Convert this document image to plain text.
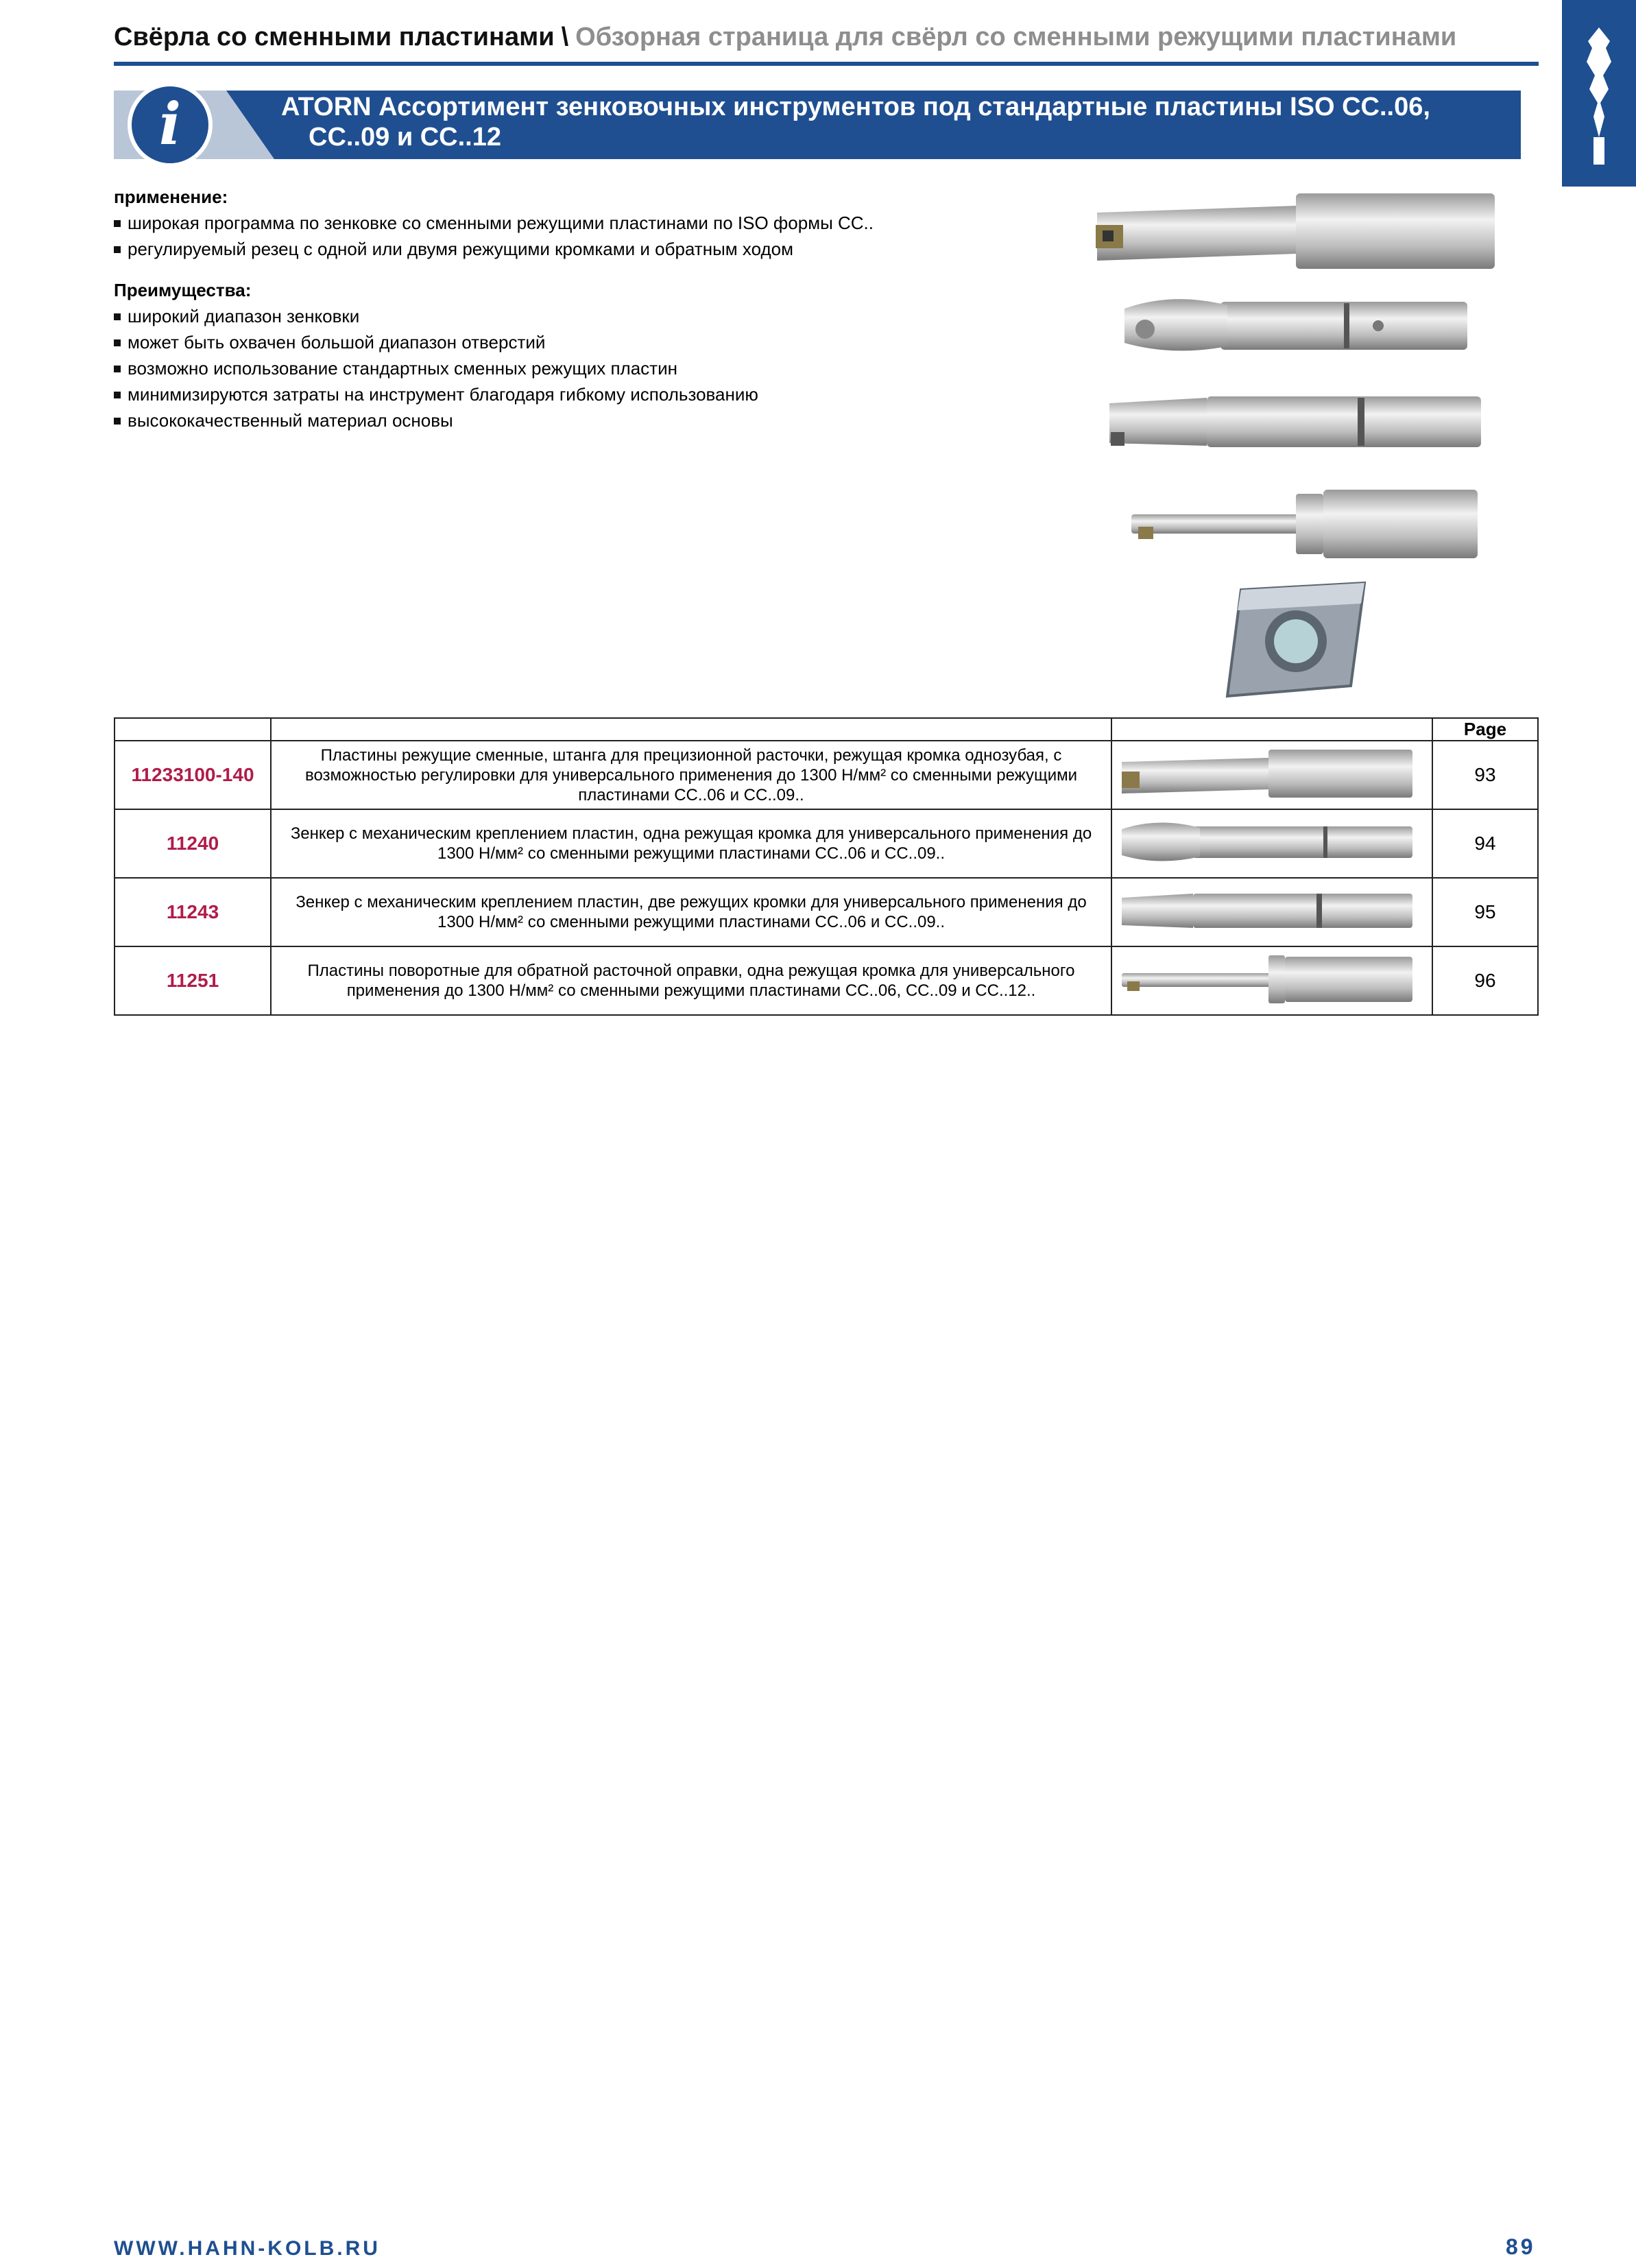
Свёрла со сменными пластинами \ Обзорная страница для свёрл со сменными режущими пластинами
i	ATORN Ассортимент зенковочных инструментов под стандартные пластины ISO CC..06,
CC..09 и CC..12
применение:
широкая программа по зенковке со сменными режущими пластинами по ISO формы CC..
регулируемый резец с одной или двумя режущими кромками и обратным ходом
Преимущества:
широкий диапазон зенковки
может быть охвачен большой диапазон отверстий
возможно использование стандартных сменных режущих пластин
минимизируются затраты на инструмент благодаря гибкому использованию
высококачественный материал основы
			Page
11233100-140	Пластины режущие сменные, штанга для прецизионной расточки, режущая кромка однозубая, с возможностью регулировки для универсального применения до 1300 Н/мм² со сменными режущими пластинами CC..06 и CC..09..		93
11240	Зенкер с механическим креплением пластин, одна режущая кромка для универсального применения до 1300 Н/мм² со сменными режущими пластинами CC..06 и CC..09..		94
11243	Зенкер с механическим креплением пластин, две режущих кромки для универсального применения до 1300 Н/мм² со сменными режущими пластинами CC..06 и CC..09..		95
11251	Пластины поворотные для обратной расточной оправки, одна режущая кромка для универсального применения до 1300 Н/мм² со сменными режущими пластинами CC..06, CC..09 и CC..12..		96
WWW.HAHN-KOLB.RU	89
